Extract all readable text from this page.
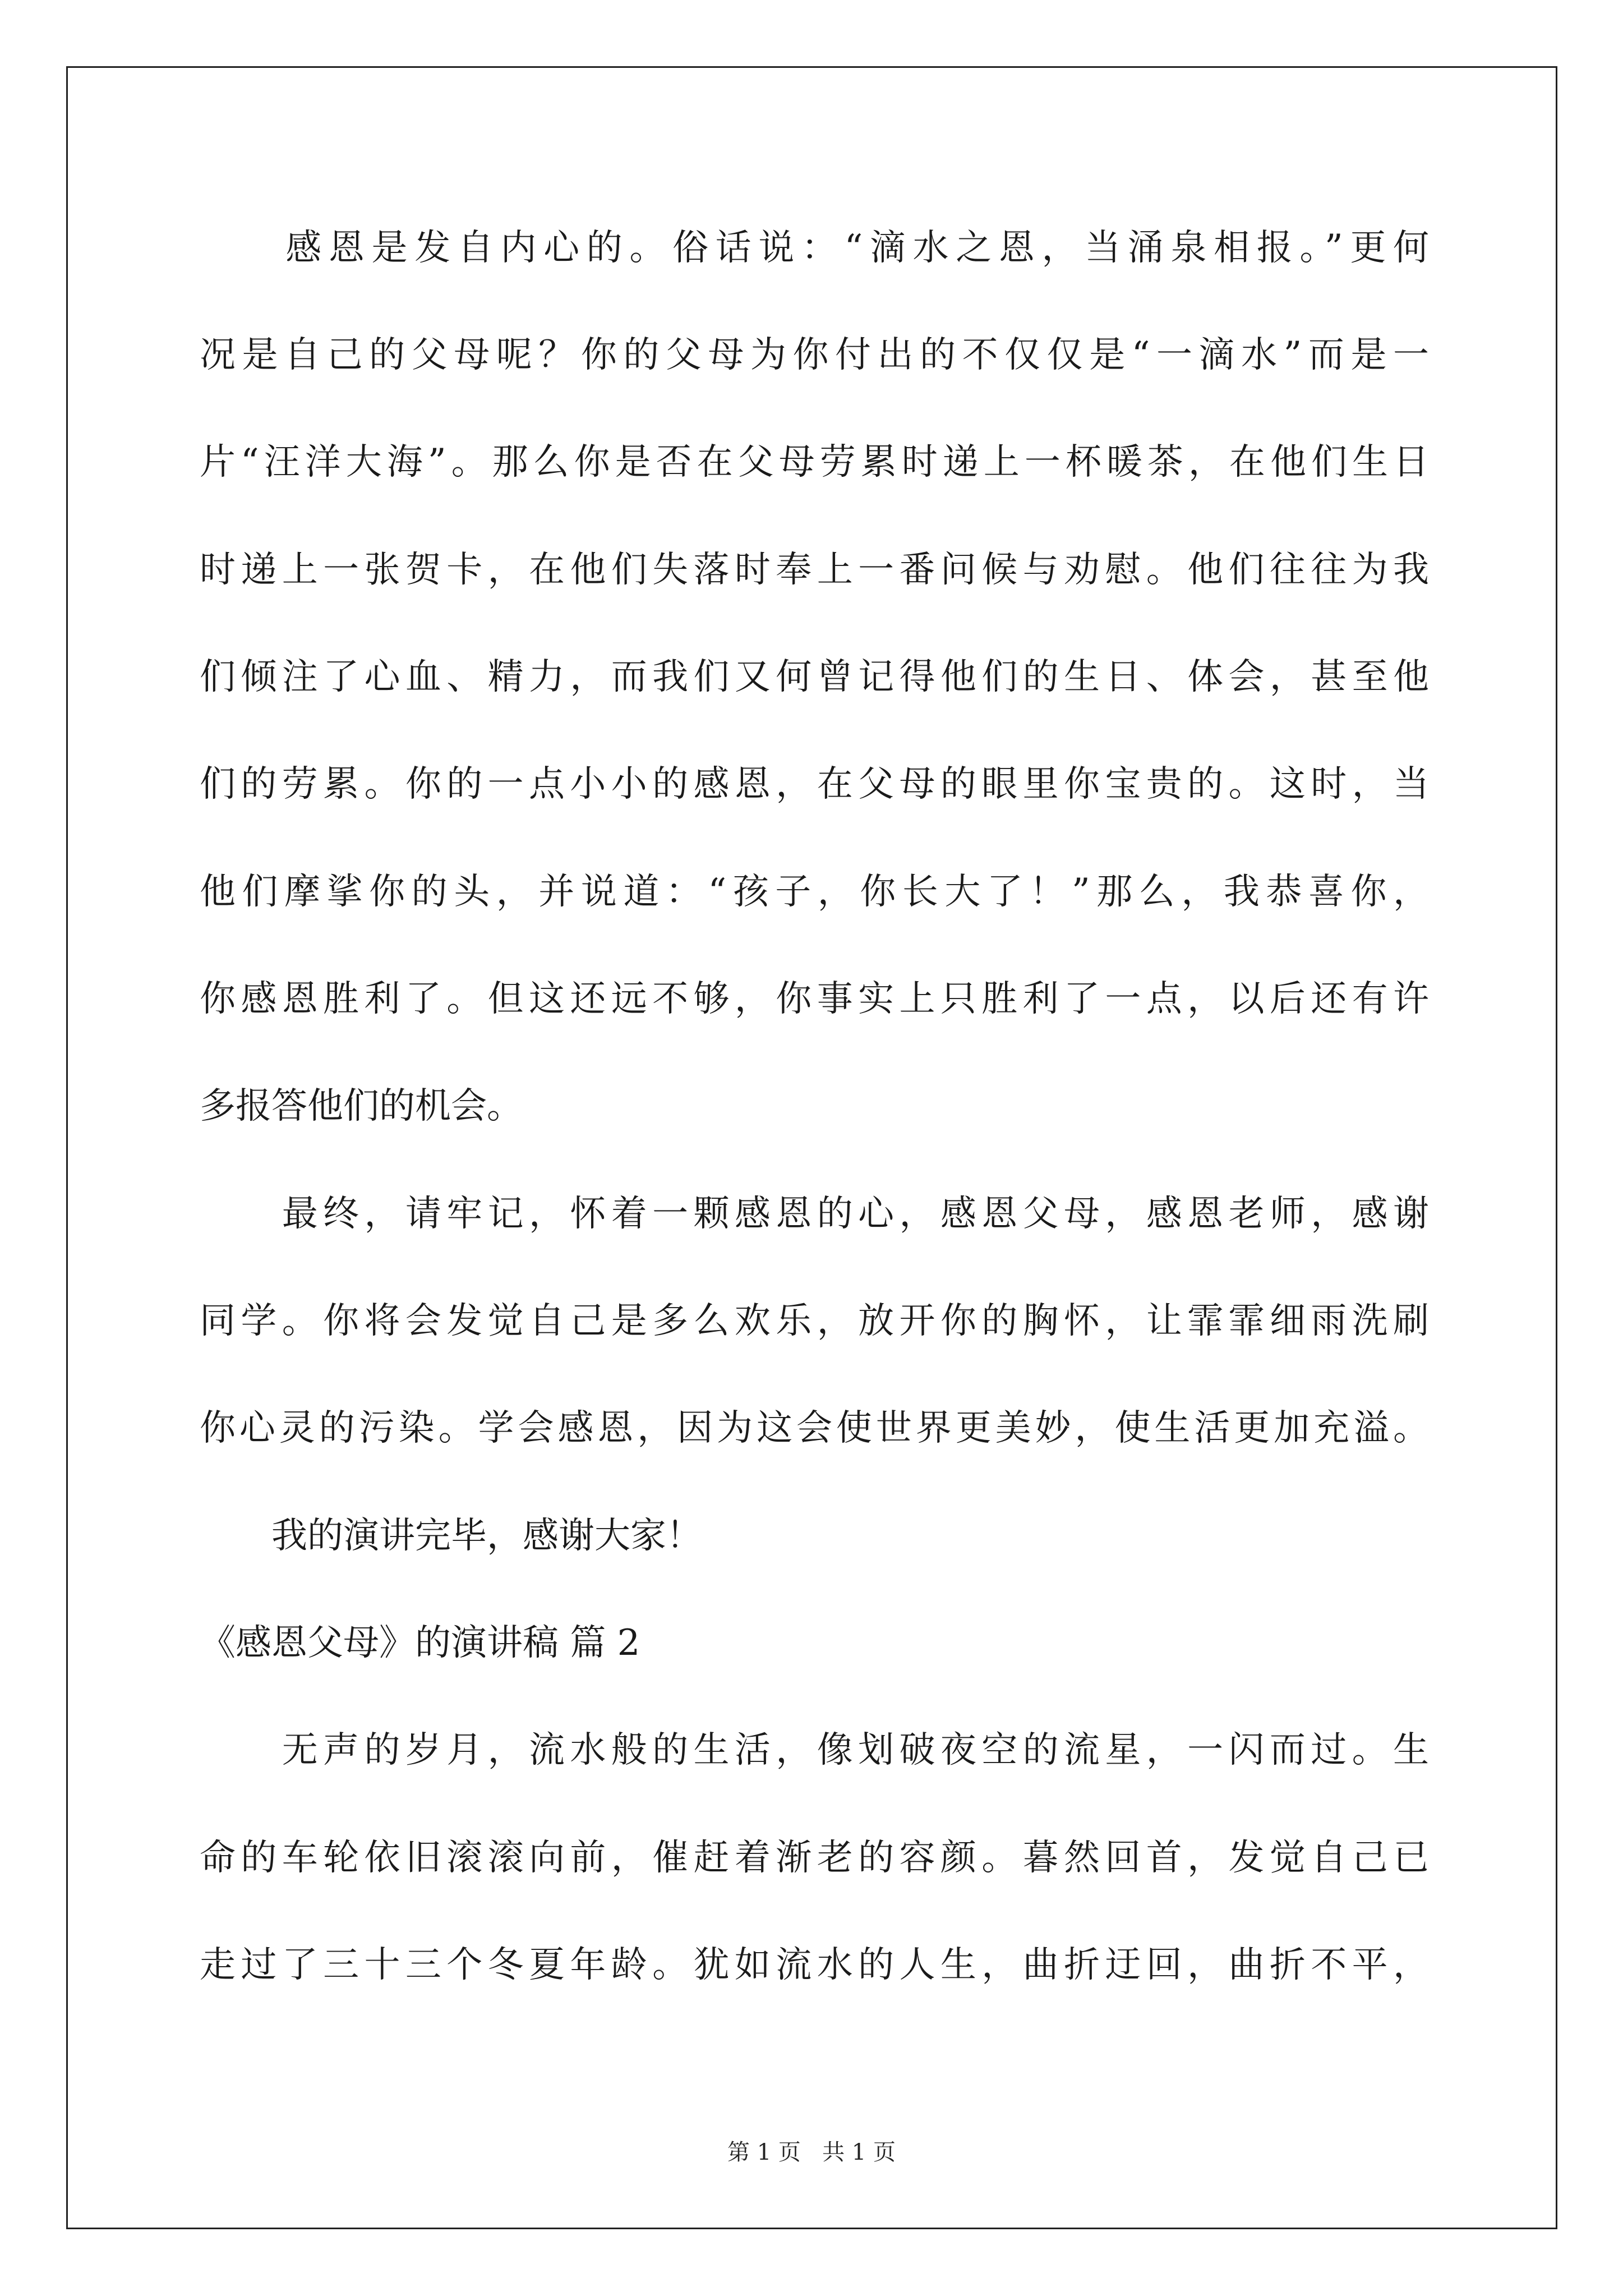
　　感恩是发自内心的。俗话说：“滴水之恩，当涌泉相报。”更何
况是自己的父母呢？你的父母为你付出的不仅仅是“一滴水”而是一
片“汪洋大海”。那么你是否在父母劳累时递上一杯暖茶，在他们生日
时递上一张贺卡，在他们失落时奉上一番问候与劝慰。他们往往为我
们倾注了心血、精力，而我们又何曾记得他们的生日、体会，甚至他
们的劳累。你的一点小小的感恩，在父母的眼里你宝贵的。这时，当
他们摩挲你的头，并说道：“孩子，你长大了！”那么，我恭喜你，
你感恩胜利了。但这还远不够，你事实上只胜利了一点，以后还有许
多报答他们的机会。
　　最终，请牢记，怀着一颗感恩的心，感恩父母，感恩老师，感谢
同学。你将会发觉自己是多么欢乐，放开你的胸怀，让霏霏细雨洗刷
你心灵的污染。学会感恩，因为这会使世界更美妙，使生活更加充溢。
　　我的演讲完毕，感谢大家！
《感恩父母》的演讲稿 篇 2
　　无声的岁月，流水般的生活，像划破夜空的流星，一闪而过。生
命的车轮依旧滚滚向前，催赶着渐老的容颜。暮然回首，发觉自己已
走过了三十三个冬夏年龄。犹如流水的人生，曲折迂回，曲折不平，
第 1 页   共 1 页
